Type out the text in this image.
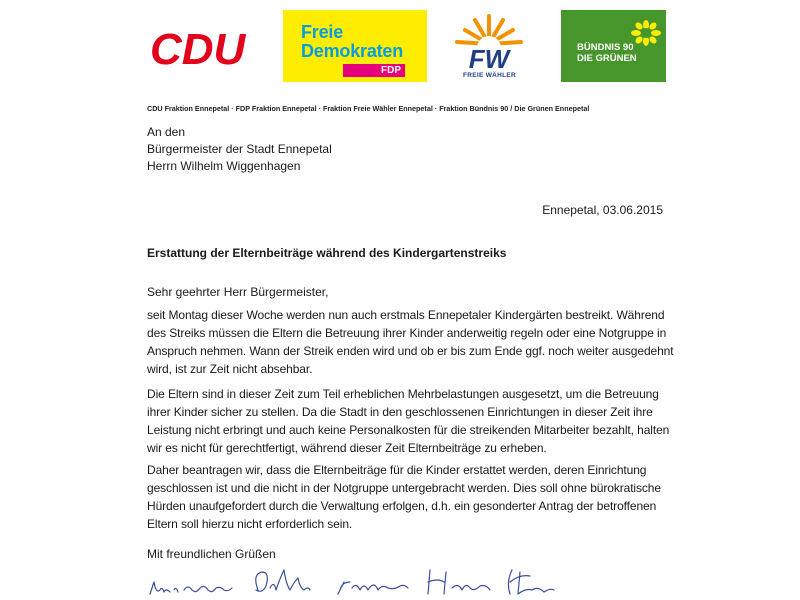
CDU	Freie
Demokraten
FDP	FW
FREIE WÄHLER
BÜNDNIS 90
DIE GRÜNEN
CDU Fraktion Ennepetal · FDP Fraktion Ennepetal · Fraktion Freie Wähler Ennepetal · Fraktion Bündnis 90 / Die Grünen Ennepetal
An den
Bürgermeister der Stadt Ennepetal
Herrn Wilhelm Wiggenhagen
Ennepetal, 03.06.2015
Erstattung der Elternbeiträge während des Kindergartenstreiks
Sehr geehrter Herr Bürgermeister,
seit Montag dieser Woche werden nun auch erstmals Ennepetaler Kindergärten bestreikt. Während des Streiks müssen die Eltern die Betreuung ihrer Kinder anderweitig regeln oder eine Notgruppe in Anspruch nehmen. Wann der Streik enden wird und ob er bis zum Ende ggf. noch weiter ausgedehnt wird, ist zur Zeit nicht absehbar.
Die Eltern sind in dieser Zeit zum Teil erheblichen Mehrbelastungen ausgesetzt, um die Betreuung ihrer Kinder sicher zu stellen. Da die Stadt in den geschlossenen Einrichtungen in dieser Zeit ihre Leistung nicht erbringt und auch keine Personalkosten für die streikenden Mitarbeiter bezahlt, halten wir es nicht für gerechtfertigt, während dieser Zeit Elternbeiträge zu erheben.
Daher beantragen wir, dass die Elternbeiträge für die Kinder erstattet werden, deren Einrichtung geschlossen ist und die nicht in der Notgruppe untergebracht werden. Dies soll ohne bürokratische Hürden unaufgefordert durch die Verwaltung erfolgen, d.h. ein gesonderter Antrag der betroffenen Eltern soll hierzu nicht erforderlich sein.
Mit freundlichen Grüßen
